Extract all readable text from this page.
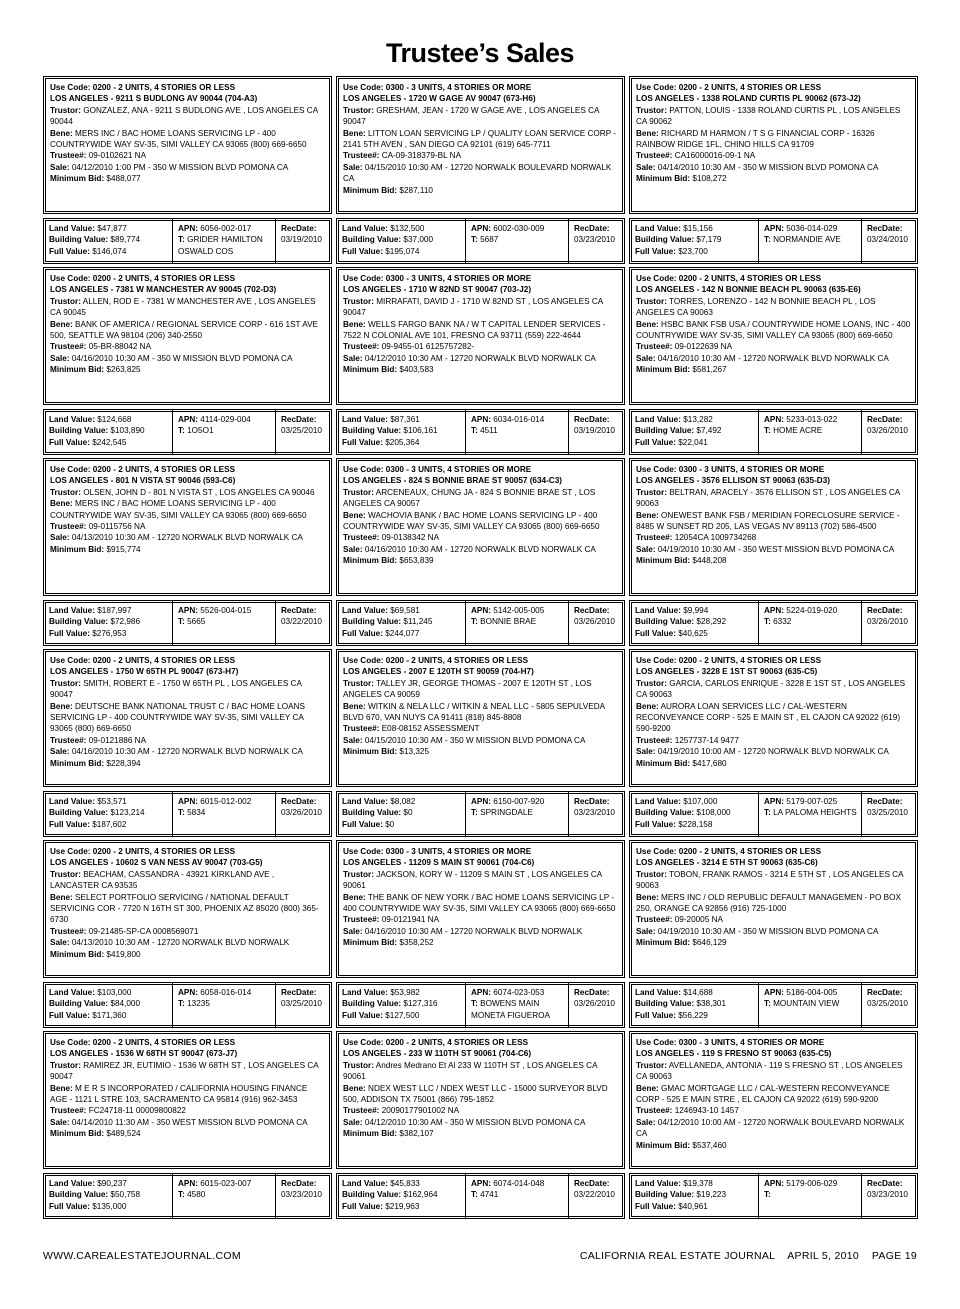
Trustee’s Sales
Use Code: 0200 - 2 UNITS, 4 STORIES OR LESS
LOS ANGELES - 9211 S BUDLONG AV 90044 (704-A3)
Trustor: GONZALEZ, ANA - 9211 S BUDLONG AVE , LOS ANGELES CA 90044
Bene: MERS INC / BAC HOME LOANS SERVICING LP - 400 COUNTRYWIDE WAY SV-35, SIMI VALLEY CA 93065 (800) 669-6650
Trustee#: 09-0102621 NA
Sale: 04/12/2010 1:00 PM - 350 W MISSION BLVD POMONA CA
Minimum Bid: $488,077
Land Value: $47,877
Building Value: $89,774
Full Value: $146,074
APN: 6056-002-017
T: GRIDER HAMILTON OSWALD COS
RecDate:
03/19/2010
Use Code: 0300 - 3 UNITS, 4 STORIES OR MORE
LOS ANGELES - 1720 W GAGE AV 90047 (673-H6)
Trustor: GRESHAM, JEAN - 1720 W GAGE AVE , LOS ANGELES CA 90047
Bene: LITTON LOAN SERVICING LP / QUALITY LOAN SERVICE CORP - 2141 5TH AVEN , SAN DIEGO CA 92101 (619) 645-7711
Trustee#: CA-09-318379-BL NA
Sale: 04/15/2010 10:30 AM - 12720 NORWALK BOULEVARD NORWALK CA
Minimum Bid: $287,110
Land Value: $132,500
Building Value: $37,000
Full Value: $195,074
APN: 6002-030-009
T: 5687
RecDate:
03/23/2010
Use Code: 0200 - 2 UNITS, 4 STORIES OR LESS
LOS ANGELES - 1338 ROLAND CURTIS PL 90062 (673-J2)
Trustor: PATTON, LOUIS - 1338 ROLAND CURTIS PL , LOS ANGELES CA 90062
Bene: RICHARD M HARMON / T S G FINANCIAL CORP - 16326 RAINBOW RIDGE 1FL, CHINO HILLS CA 91709
Trustee#: CA16000016-09-1 NA
Sale: 04/14/2010 10:30 AM - 350 W MISSION BLVD POMONA CA
Minimum Bid: $108,272
Land Value: $15,156
Building Value: $7,179
Full Value: $23,700
APN: 5036-014-029
T: NORMANDIE AVE
RecDate:
03/24/2010
Use Code: 0200 - 2 UNITS, 4 STORIES OR LESS
LOS ANGELES - 7381 W MANCHESTER AV 90045 (702-D3)
Trustor: ALLEN, ROD E - 7381 W MANCHESTER AVE , LOS ANGELES CA 90045
Bene: BANK OF AMERICA / REGIONAL SERVICE CORP - 616 1ST AVE 500, SEATTLE WA 98104 (206) 340-2550
Trustee#: 05-BR-88042 NA
Sale: 04/16/2010 10:30 AM - 350 W MISSION BLVD POMONA CA
Minimum Bid: $263,825
Land Value: $124,668
Building Value: $103,890
Full Value: $242,545
APN: 4114-029-004
T: 1O5O1
RecDate:
03/25/2010
Use Code: 0300 - 3 UNITS, 4 STORIES OR MORE
LOS ANGELES - 1710 W 82ND ST 90047 (703-J2)
Trustor: MIRRAFATI, DAVID J - 1710 W 82ND ST , LOS ANGELES CA 90047
Bene: WELLS FARGO BANK NA / W T CAPITAL LENDER SERVICES - 7522 N COLONIAL AVE 101, FRESNO CA 93711 (559) 222-4644
Trustee#: 09-9455-01 6125757282-
Sale: 04/12/2010 10:30 AM - 12720 NORWALK BLVD NORWALK CA
Minimum Bid: $403,583
Land Value: $87,361
Building Value: $106,161
Full Value: $205,364
APN: 6034-016-014
T: 4511
RecDate:
03/19/2010
Use Code: 0200 - 2 UNITS, 4 STORIES OR LESS
LOS ANGELES - 142 N BONNIE BEACH PL 90063 (635-E6)
Trustor: TORRES, LORENZO - 142 N BONNIE BEACH PL , LOS ANGELES CA 90063
Bene: HSBC BANK FSB USA / COUNTRYWIDE HOME LOANS, INC - 400 COUNTRYWIDE WAY SV-35, SIMI VALLEY CA 93065 (800) 669-6650
Trustee#: 09-0122639 NA
Sale: 04/16/2010 10:30 AM - 12720 NORWALK BLVD NORWALK CA
Minimum Bid: $581,267
Land Value: $13,282
Building Value: $7,492
Full Value: $22,041
APN: 5233-013-022
T: HOME ACRE
RecDate:
03/26/2010
Use Code: 0200 - 2 UNITS, 4 STORIES OR LESS
LOS ANGELES - 801 N VISTA ST 90046 (593-C6)
Trustor: OLSEN, JOHN D - 801 N VISTA ST , LOS ANGELES CA 90046
Bene: MERS INC / BAC HOME LOANS SERVICING LP - 400 COUNTRYWIDE WAY SV-35, SIMI VALLEY CA 93065 (800) 669-6650
Trustee#: 09-0115756 NA
Sale: 04/13/2010 10:30 AM - 12720 NORWALK BLVD NORWALK CA
Minimum Bid: $915,774
Land Value: $187,997
Building Value: $72,986
Full Value: $276,953
APN: 5526-004-015
T: 5665
RecDate:
03/22/2010
Use Code: 0300 - 3 UNITS, 4 STORIES OR MORE
LOS ANGELES - 824 S BONNIE BRAE ST 90057 (634-C3)
Trustor: ARCENEAUX, CHUNG JA - 824 S BONNIE BRAE ST , LOS ANGELES CA 90057
Bene: WACHOVIA BANK / BAC HOME LOANS SERVICING LP - 400 COUNTRYWIDE WAY SV-35, SIMI VALLEY CA 93065 (800) 669-6650
Trustee#: 09-0138342 NA
Sale: 04/16/2010 10:30 AM - 12720 NORWALK BLVD NORWALK CA
Minimum Bid: $653,839
Land Value: $69,581
Building Value: $11,245
Full Value: $244,077
APN: 5142-005-005
T: BONNIE BRAE
RecDate:
03/26/2010
Use Code: 0300 - 3 UNITS, 4 STORIES OR MORE
LOS ANGELES - 3576 ELLISON ST 90063 (635-D3)
Trustor: BELTRAN, ARACELY - 3576 ELLISON ST , LOS ANGELES CA 90063
Bene: ONEWEST BANK FSB / MERIDIAN FORECLOSURE SERVICE - 8485 W SUNSET RD 205, LAS VEGAS NV 89113 (702) 586-4500
Trustee#: 12054CA 1009734268
Sale: 04/19/2010 10:30 AM - 350 WEST MISSION BLVD POMONA CA
Minimum Bid: $448,208
Land Value: $9,994
Building Value: $28,292
Full Value: $40,625
APN: 5224-019-020
T: 6332
RecDate:
03/26/2010
Use Code: 0200 - 2 UNITS, 4 STORIES OR LESS
LOS ANGELES - 1750 W 65TH PL 90047 (673-H7)
Trustor: SMITH, ROBERT E - 1750 W 65TH PL , LOS ANGELES CA 90047
Bene: DEUTSCHE BANK NATIONAL TRUST C / BAC HOME LOANS SERVICING LP - 400 COUNTRYWIDE WAY SV-35, SIMI VALLEY CA 93065 (800) 669-6650
Trustee#: 09-0121886 NA
Sale: 04/16/2010 10:30 AM - 12720 NORWALK BLVD NORWALK CA
Minimum Bid: $228,394
Land Value: $53,571
Building Value: $123,214
Full Value: $187,602
APN: 6015-012-002
T: 5834
RecDate:
03/26/2010
Use Code: 0200 - 2 UNITS, 4 STORIES OR LESS
LOS ANGELES - 2007 E 120TH ST 90059 (704-H7)
Trustor: TALLEY JR, GEORGE THOMAS - 2007 E 120TH ST , LOS ANGELES CA 90059
Bene: WITKIN & NELA LLC / WITKIN & NEAL LLC - 5805 SEPULVEDA BLVD 670, VAN NUYS CA 91411 (818) 845-8808
Trustee#: E08-08152 ASSESSMENT
Sale: 04/15/2010 10:30 AM - 350 W MISSION BLVD POMONA CA
Minimum Bid: $13,325
Land Value: $8,082
Building Value: $0
Full Value: $0
APN: 6150-007-920
T: SPRINGDALE
RecDate:
03/23/2010
Use Code: 0200 - 2 UNITS, 4 STORIES OR LESS
LOS ANGELES - 3228 E 1ST ST 90063 (635-C5)
Trustor: GARCIA, CARLOS ENRIQUE - 3228 E 1ST ST , LOS ANGELES CA 90063
Bene: AURORA LOAN SERVICES LLC / CAL-WESTERN RECONVEYANCE CORP - 525 E MAIN ST , EL CAJON CA 92022 (619) 590-9200
Trustee#: 1257737-14 9477
Sale: 04/19/2010 10:00 AM - 12720 NORWALK BLVD NORWALK CA
Minimum Bid: $417,680
Land Value: $107,000
Building Value: $108,000
Full Value: $228,158
APN: 5179-007-025
T: LA PALOMA HEIGHTS
RecDate:
03/25/2010
Use Code: 0200 - 2 UNITS, 4 STORIES OR LESS
LOS ANGELES - 10602 S VAN NESS AV 90047 (703-G5)
Trustor: BEACHAM, CASSANDRA - 43921 KIRKLAND AVE , LANCASTER CA 93535
Bene: SELECT PORTFOLIO SERVICING / NATIONAL DEFAULT SERVICING COR - 7720 N 16TH ST 300, PHOENIX AZ 85020 (800) 365-6730
Trustee#: 09-21485-SP-CA 0008569071
Sale: 04/13/2010 10:30 AM - 12720 NORWALK BLVD NORWALK
Minimum Bid: $419,800
Land Value: $103,000
Building Value: $84,000
Full Value: $171,360
APN: 6058-016-014
T: 13235
RecDate:
03/25/2010
Use Code: 0300 - 3 UNITS, 4 STORIES OR MORE
LOS ANGELES - 11209 S MAIN ST 90061 (704-C6)
Trustor: JACKSON, KORY W - 11209 S MAIN ST , LOS ANGELES CA 90061
Bene: THE BANK OF NEW YORK / BAC HOME LOANS SERVICING LP - 400 COUNTRYWIDE WAY SV-35, SIMI VALLEY CA 93065 (800) 669-6650
Trustee#: 09-0121941 NA
Sale: 04/16/2010 10:30 AM - 12720 NORWALK BLVD NORWALK
Minimum Bid: $358,252
Land Value: $53,982
Building Value: $127,316
Full Value: $127,500
APN: 6074-023-053
T: BOWENS MAIN MONETA FIGUEROA
RecDate:
03/26/2010
Use Code: 0200 - 2 UNITS, 4 STORIES OR LESS
LOS ANGELES - 3214 E 5TH ST 90063 (635-C6)
Trustor: TOBON, FRANK RAMOS - 3214 E 5TH ST , LOS ANGELES CA 90063
Bene: MERS INC / OLD REPUBLIC DEFAULT MANAGEMEN - PO BOX 250, ORANGE CA 92856 (916) 725-1000
Trustee#: 09-20005 NA
Sale: 04/19/2010 10:30 AM - 350 W MISSION BLVD POMONA CA
Minimum Bid: $646,129
Land Value: $14,688
Building Value: $38,301
Full Value: $56,229
APN: 5186-004-005
T: MOUNTAIN VIEW
RecDate:
03/25/2010
Use Code: 0200 - 2 UNITS, 4 STORIES OR LESS
LOS ANGELES - 1536 W 68TH ST 90047 (673-J7)
Trustor: RAMIREZ JR, EUTIMIO - 1536 W 68TH ST , LOS ANGELES CA 90047
Bene: M E R S INCORPORATED / CALIFORNIA HOUSING FINANCE AGE - 1121 L STRE 103, SACRAMENTO CA 95814 (916) 962-3453
Trustee#: FC24718-11 00009800822
Sale: 04/14/2010 11:30 AM - 350 WEST MISSION BLVD POMONA CA
Minimum Bid: $489,524
Land Value: $90,237
Building Value: $50,758
Full Value: $135,000
APN: 6015-023-007
T: 4580
RecDate:
03/23/2010
Use Code: 0200 - 2 UNITS, 4 STORIES OR LESS
LOS ANGELES - 233 W 110TH ST 90061 (704-C6)
Trustor: Andres Medrano Et Al 233 W 110TH ST , LOS ANGELES CA 90061
Bene: NDEX WEST LLC / NDEX WEST LLC - 15000 SURVEYOR BLVD 500, ADDISON TX 75001 (866) 795-1852
Trustee#: 20090177901002 NA
Sale: 04/12/2010 10:30 AM - 350 W MISSION BLVD POMONA CA
Minimum Bid: $382,107
Land Value: $45,833
Building Value: $162,964
Full Value: $219,963
APN: 6074-014-048
T: 4741
RecDate:
03/22/2010
Use Code: 0300 - 3 UNITS, 4 STORIES OR MORE
LOS ANGELES - 119 S FRESNO ST 90063 (635-C5)
Trustor: AVELLANEDA, ANTONIA - 119 S FRESNO ST , LOS ANGELES CA 90063
Bene: GMAC MORTGAGE LLC / CAL-WESTERN RECONVEYANCE CORP - 525 E MAIN STRE , EL CAJON CA 92022 (619) 590-9200
Trustee#: 1246943-10 1457
Sale: 04/12/2010 10:00 AM - 12720 NORWALK BOULEVARD NORWALK CA
Minimum Bid: $537,460
Land Value: $19,378
Building Value: $19,223
Full Value: $40,961
APN: 5179-006-029
T:
RecDate:
03/23/2010
WWW.CAREALESTATEJOURNAL.COM	CALIFORNIA REAL ESTATE JOURNAL    APRIL 5, 2010    PAGE 19
